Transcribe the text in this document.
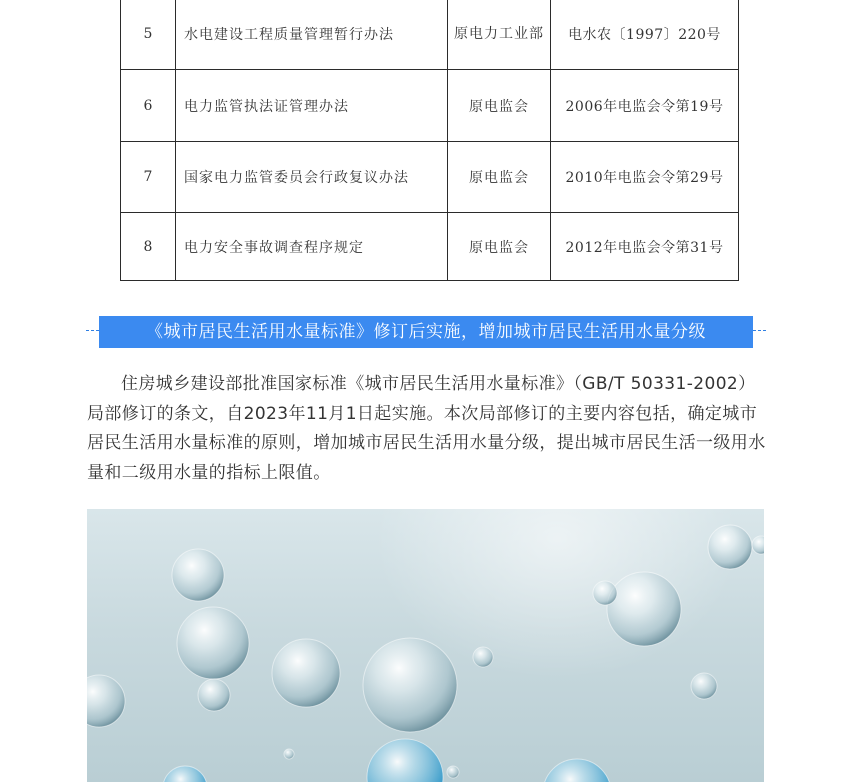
5	水电建设工程质量管理暂行办法	原电力工业部	电水农〔1997〕220号
6	电力监管执法证管理办法	原电监会	2006年电监会令第19号
7	国家电力监管委员会行政复议办法	原电监会	2010年电监会令第29号
8	电力安全事故调查程序规定	原电监会	2012年电监会令第31号
《城市居民生活用水量标准》修订后实施，增加城市居民生活用水量分级

住房城乡建设部批准国家标准《城市居民生活用水量标准》（GB/T 50331-2002）局部修订的条文，自2023年11月1日起实施。本次局部修订的主要内容包括，确定城市居民生活用水量标准的原则，增加城市居民生活用水量分级，提出城市居民生活一级用水量和二级用水量的指标上限值。
